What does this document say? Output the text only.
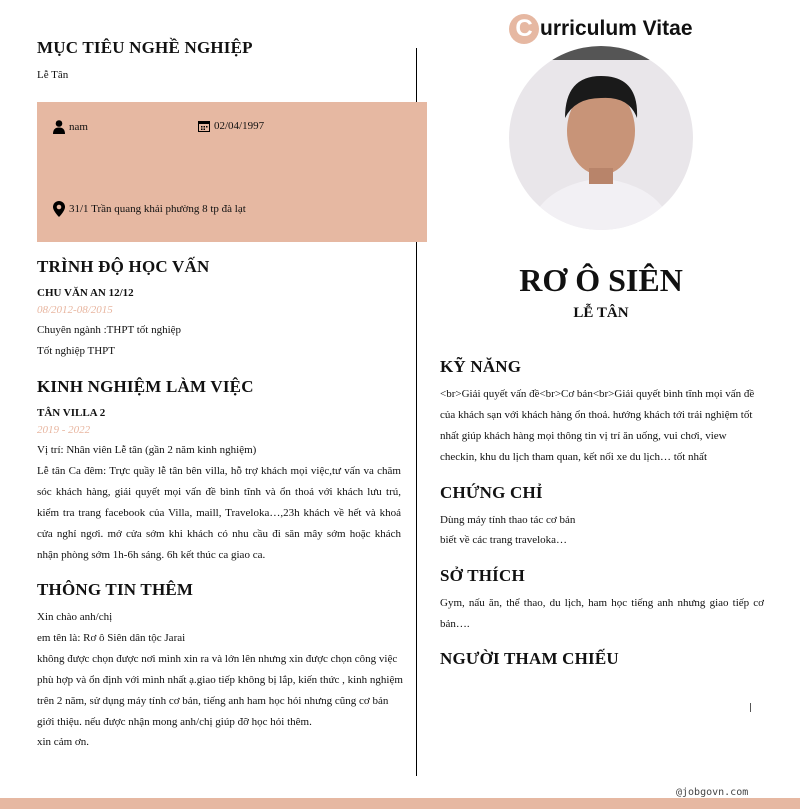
C urriculum Vitae
MỤC TIÊU NGHỀ NGHIỆP
Lễ Tân
nam	02/04/1997
31/1 Trần quang khải phường 8 tp đà lạt
TRÌNH ĐỘ HỌC VẤN
CHU VĂN AN 12/12
08/2012-08/2015
Chuyên ngành :THPT tốt nghiệp
Tốt nghiệp THPT
KINH NGHIỆM LÀM VIỆC
TÂN VILLA 2
2019 - 2022
Vị trí: Nhân viên Lễ tân (gần 2 năm kinh nghiệm)
Lễ tân Ca đêm: Trực quầy lễ tân bên villa, hỗ trợ khách mọi việc,tư vấn va chăm sóc khách hàng, giải quyết mọi vấn đề bình tĩnh và ổn thoả với khách lưu trú, kiểm tra trang facebook của Villa, maill, Traveloka…,23h khách về hết và khoá cửa nghỉ ngơi. mở cửa sớm khi khách có nhu cầu đi săn mây sớm hoặc khách nhận phòng sớm 1h-6h sáng. 6h kết thúc ca giao ca.
THÔNG TIN THÊM
Xin chào anh/chị
em tên là: Rơ ô Siên dân tộc Jarai
không được chọn được nơi mình xin ra và lớn lên nhưng xin được chọn công việc phù hợp và ổn định với mình nhất ạ.giao tiếp không bị lắp, kiến thức , kinh nghiệm trên 2 năm, sử dụng máy tính cơ bản, tiếng anh ham học hỏi nhưng cũng cơ bản giới thiệu. nếu được nhận mong anh/chị giúp đỡ học hỏi thêm.
xin cảm ơn.
RƠ Ô SIÊN
LỄ TÂN
KỸ NĂNG
<br>Giải quyết vấn đề<br>Cơ bản<br>Giải quyết bình tĩnh mọi vấn đề của khách sạn với khách hàng ổn thoả. hướng khách tới trải nghiệm tốt nhất giúp khách hàng mọi thông tin vị trí ăn uống, vui chơi, view checkin, khu du lịch tham quan, kết nối xe du lịch… tốt nhất
CHỨNG CHỈ
Dùng máy tính thao tác cơ bản
biết về các trang traveloka…
SỞ THÍCH
Gym, nấu ăn, thể thao, du lịch, ham học tiếng anh nhưng giao tiếp cơ bản….
NGƯỜI THAM CHIẾU
@jobgovn.com
